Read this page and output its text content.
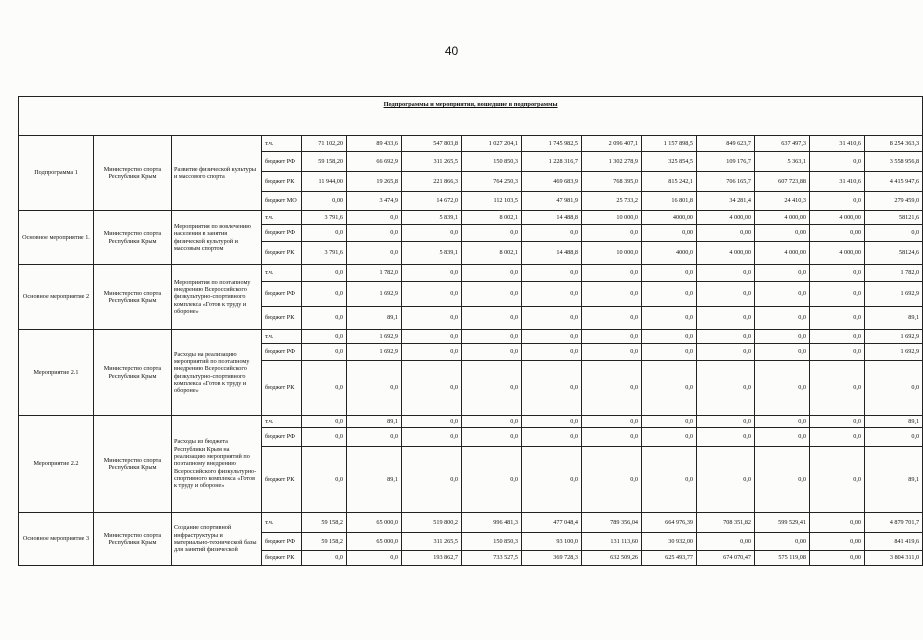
40
Подпрограммы и мероприятия, вошедшие в подпрограммы														
Подпрограмма 1	Министерство спорта Республики Крым	Развитие физической культуры и массового спорта	т.ч.	71 102,20	89 433,6	547 803,8	1 027 204,1	1 745 982,5	2 096 407,1	1 157 898,5	849 623,7	637 497,3	31 410,6	8 254 363,3
			бюджет РФ	59 158,20	66 692,9	311 265,5	150 850,3	1 228 316,7	1 302 278,9	325 854,5	109 176,7	5 363,1	0,0	3 558 956,8
			бюджет РК	11 944,00	19 265,8	221 866,3	764 250,3	469 683,9	768 395,0	815 242,1	706 165,7	607 723,88	31 410,6	4 415 947,6
			бюджет МО	0,00	3 474,9	14 672,0	112 103,5	47 981,9	25 733,2	16 801,8	34 281,4	24 410,3	0,0	279 459,0
Основное мероприятие 1.	Министерство спорта Республики Крым	Мероприятия по вовлечению населения в занятия физической культурой и массовым спортом	т.ч.	3 791,6	0,0	5 839,1	8 002,1	14 488,8	10 000,0	4000,00	4 000,00	4 000,00	4 000,00	58121,6
			бюджет РФ	0,0	0,0	0,0	0,0	0,0	0,0	0,00	0,00	0,00	0,00	0,0
			бюджет РК	3 791,6	0,0	5 839,1	8 002,1	14 488,8	10 000,0	4000,0	4 000,00	4 000,00	4 000,00	58124,6
Основное мероприятие 2	Министерство спорта Республики Крым	Мероприятия по поэтапному внедрению Всероссийского физкультурно-спортивного комплекса «Готов к труду и обороне»	т.ч.	0,0	1 782,0	0,0	0,0	0,0	0,0	0,0	0,0	0,0	0,0	1 782,0
			бюджет РФ	0,0	1 692,9	0,0	0,0	0,0	0,0	0,0	0,0	0,0	0,0	1 692,9
			бюджет РК	0,0	89,1	0,0	0,0	0,0	0,0	0,0	0,0	0,0	0,0	89,1
Мероприятие 2.1	Министерство спорта Республики Крым	Расходы на реализацию мероприятий по поэтапному внедрению Всероссийского физкультурно-спортивного комплекса «Готов к труду и обороне»	т.ч.	0,0	1 692,9	0,0	0,0	0,0	0,0	0,0	0,0	0,0	0,0	1 692,9
			бюджет РФ	0,0	1 692,9	0,0	0,0	0,0	0,0	0,0	0,0	0,0	0,0	1 692,9
			бюджет РК	0,0	0,0	0,0	0,0	0,0	0,0	0,0	0,0	0,0	0,0	0,0
Мероприятие 2.2	Министерство спорта Республики Крым	Расходы из бюджета Республики Крым на реализацию мероприятий по поэтапному внедрению Всероссийского физкультурно-спортивного комплекса «Готов к труду и обороне»	т.ч.	0,0	89,1	0,0	0,0	0,0	0,0	0,0	0,0	0,0	0,0	89,1
			бюджет РФ	0,0	0,0	0,0	0,0	0,0	0,0	0,0	0,0	0,0	0,0	0,0
			бюджет РК	0,0	89,1	0,0	0,0	0,0	0,0	0,0	0,0	0,0	0,0	89,1
Основное мероприятие 3	Министерство спорта Республики Крым	Создание спортивной инфраструктуры и материально-технической базы для занятий физической	т.ч.	59 158,2	65 000,0	519 800,2	996 481,3	477 048,4	789 356,04	664 976,39	708 351,82	599 529,41	0,00	4 879 701,7
			бюджет РФ	59 158,2	65 000,0	311 265,5	150 850,3	93 100,0	131 113,60	30 932,00	0,00	0,00	0,00	841 419,6
			бюджет РК	0,0	0,0	193 862,7	733 527,5	369 728,3	632 509,26	625 493,77	674 070,47	575 119,08	0,00	3 804 311,0
